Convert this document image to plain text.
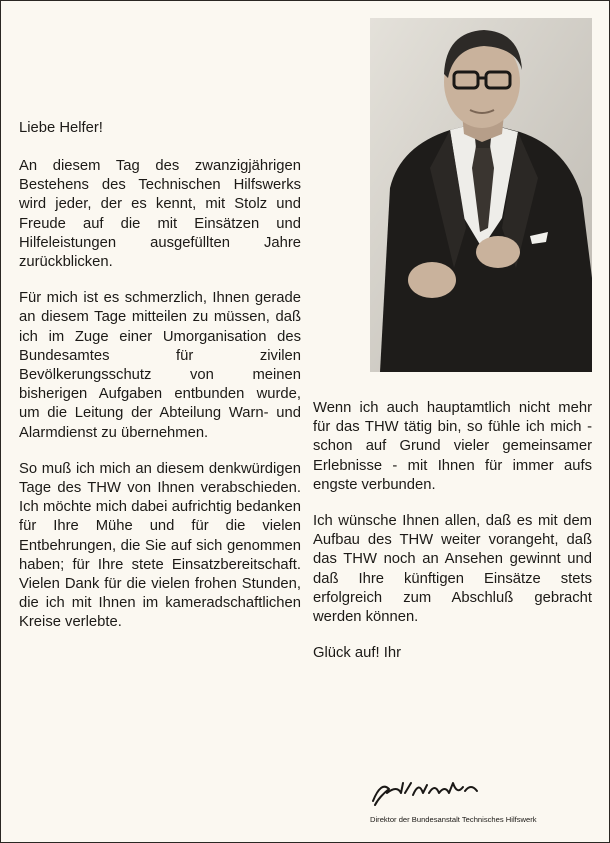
Liebe Helfer!

An diesem Tag des zwanzigjährigen Bestehens des Technischen Hilfswerks wird jeder, der es kennt, mit Stolz und Freude auf die mit Einsätzen und Hilfeleistungen ausgefüllten Jahre zurückblicken.

Für mich ist es schmerzlich, Ihnen gerade an diesem Tage mitteilen zu müssen, daß ich im Zuge einer Umorganisation des Bundesamtes für zivilen Bevölkerungsschutz von meinen bisherigen Aufgaben entbunden wurde, um die Leitung der Abteilung Warn- und Alarmdienst zu übernehmen.

So muß ich mich an diesem denkwürdigen Tage des THW von Ihnen verabschieden. Ich möchte mich dabei aufrichtig bedanken für Ihre Mühe und für die vielen Entbehrungen, die Sie auf sich genommen haben; für Ihre stete Einsatzbereitschaft. Vielen Dank für die vielen frohen Stunden, die ich mit Ihnen im kameradschaftlichen Kreise verlebte.

Wenn ich auch hauptamtlich nicht mehr für das THW tätig bin, so fühle ich mich - schon auf Grund vieler gemeinsamer Erlebnisse - mit Ihnen für immer aufs engste verbunden.

Ich wünsche Ihnen allen, daß es mit dem Aufbau des THW weiter vorangeht, daß das THW noch an Ansehen gewinnt und daß Ihre künftigen Einsätze stets erfolgreich zum Abschluß gebracht werden können.

Glück auf! Ihr

Direktor der Bundesanstalt Technisches Hilfswerk
